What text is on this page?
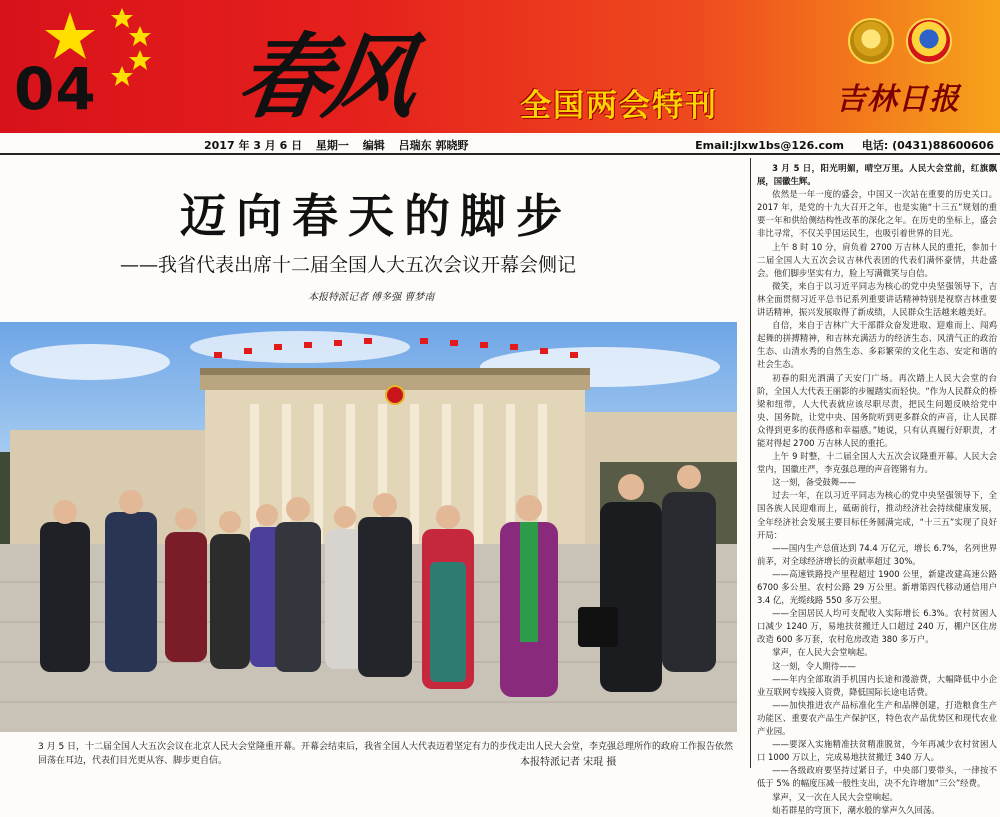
04 春风	全国两会特刊	吉林日报
2017 年 3 月 6 日 星期一 编辑 吕瑞东 郭晓野	Email:jlxw1bs@126.com 电话: (0431)88600606
迈向春天的脚步
——我省代表出席十二届全国人大五次会议开幕会侧记
本报特派记者 傅多强 曹梦南
3 月 5 日，十二届全国人大五次会议在北京人民大会堂隆重开幕。开幕会结束后，我省全国人大代表迈着坚定有力的步伐走出人民大会堂，李克强总理所作的政府工作报告依然回荡在耳边，代表们目光更从容、脚步更自信。	本报特派记者 宋琨 摄

3 月 5 日，阳光明媚，晴空万里。人民大会堂前，红旗飘展，国徽生辉。

依然是一年一度的盛会，中国又一次站在重要的历史关口。2017 年，是党的十九大召开之年，也是实施“十三五”规划的重要一年和供给侧结构性改革的深化之年。在历史的坐标上，盛会非比寻常，不仅关乎国运民生，也吸引着世界的目光。

上午 8 时 10 分，肩负着 2700 万吉林人民的重托，参加十二届全国人大五次会议吉林代表团的代表们满怀豪情，共赴盛会。他们脚步坚实有力，脸上写满微笑与自信。

微笑，来自于以习近平同志为核心的党中央坚强领导下，吉林全面贯彻习近平总书记系列重要讲话精神特别是视察吉林重要讲话精神，振兴发展取得了新成绩，人民群众生活越来越美好。

自信，来自于吉林广大干部群众奋发进取、迎难而上、闯鸡起舞的拼搏精神，和吉林充满活力的经济生态、风清气正的政治生态、山清水秀的自然生态、多彩繁荣的文化生态、安定和谐的社会生态。

初春的阳光洒满了天安门广场。再次踏上人民大会堂的台阶，全国人大代表王丽影的步履踏实而轻快。“作为人民群众的桥梁和纽带，人大代表就应该尽职尽责，把民生问题反映给党中央、国务院，让党中央、国务院听到更多群众的声音，让人民群众得到更多的获得感和幸福感。”她说，只有认真履行好职责，才能对得起 2700 万吉林人民的重托。

上午 9 时整，十二届全国人大五次会议隆重开幕。人民大会堂内，国徽庄严，李克强总理的声音铿锵有力。

这一刻，备受鼓舞——

过去一年，在以习近平同志为核心的党中央坚强领导下，全国各族人民迎难而上，砥砺前行，推动经济社会持续健康发展，全年经济社会发展主要目标任务圆满完成，“十三五”实现了良好开局：

——国内生产总值达到 74.4 万亿元，增长 6.7%，名列世界前茅，对全球经济增长的贡献率超过 30%。

——高速铁路投产里程超过 1900 公里，新建改建高速公路 6700 多公里、农村公路 29 万公里。新增第四代移动通信用户 3.4 亿，光缆线路 550 多万公里。

——全国居民人均可支配收入实际增长 6.3%。农村贫困人口减少 1240 万，易地扶贫搬迁人口超过 240 万，棚户区住房改造 600 多万套，农村危房改造 380 多万户。

掌声，在人民大会堂响起。

这一刻，令人期待——

——年内全部取消手机国内长途和漫游费，大幅降低中小企业互联网专线接入资费，降低国际长途电话费。

——加快推进农产品标准化生产和品牌创建，打造粮食生产功能区、重要农产品生产保护区，特色农产品优势区和现代农业产业园。

——要深入实施精准扶贫精准脱贫，今年再减少农村贫困人口 1000 万以上，完成易地扶贫搬迁 340 万人。

——各级政府要坚持过紧日子，中央部门要带头，一律按不低于 5% 的幅度压减一般性支出，决不允许增加“三公”经费。

掌声，又一次在人民大会堂响起。

灿若群星的穹顶下，潮水般的掌声久久回荡。
